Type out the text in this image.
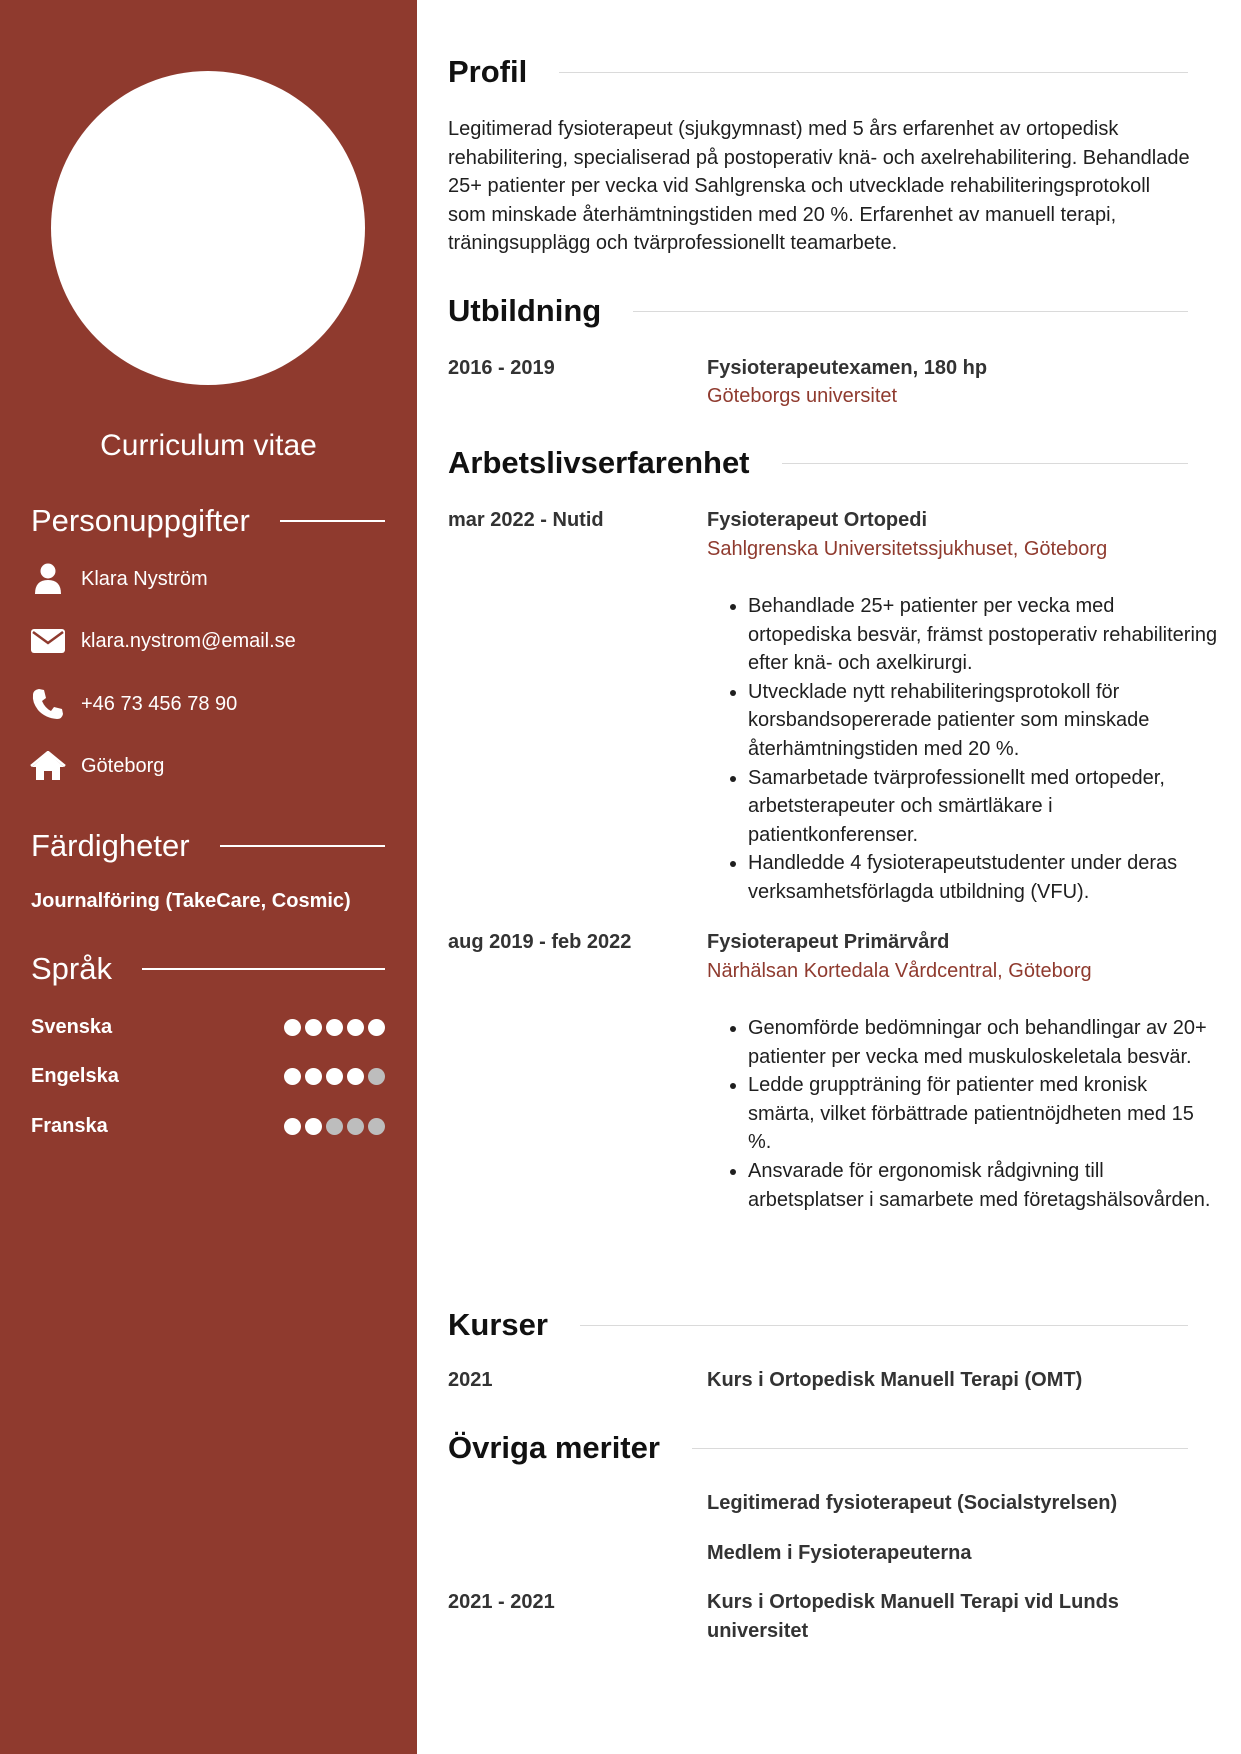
Curriculum vitae
Personuppgifter
Klara Nyström
klara.nystrom@email.se
+46 73 456 78 90
Göteborg
Färdigheter
Journalföring (TakeCare, Cosmic)
Språk
Svenska
Engelska
Franska
Profil
Legitimerad fysioterapeut (sjukgymnast) med 5 års erfarenhet av ortopedisk rehabilitering, specialiserad på postoperativ knä- och axelrehabilitering. Behandlade 25+ patienter per vecka vid Sahlgrenska och utvecklade rehabiliteringsprotokoll som minskade återhämtningstiden med 20 %. Erfarenhet av manuell terapi, träningsupplägg och tvärprofessionellt teamarbete.
Utbildning
2016 - 2019	Fysioterapeutexamen, 180 hp
Göteborgs universitet
Arbetslivserfarenhet
mar 2022 - Nutid	Fysioterapeut Ortopedi
Sahlgrenska Universitetssjukhuset, Göteborg
• Behandlade 25+ patienter per vecka med ortopediska besvär, främst postoperativ rehabilitering efter knä- och axelkirurgi.
• Utvecklade nytt rehabiliteringsprotokoll för korsbandsopererade patienter som minskade återhämtningstiden med 20 %.
• Samarbetade tvärprofessionellt med ortopeder, arbetsterapeuter och smärtläkare i patientkonferenser.
• Handledde 4 fysioterapeutstudenter under deras verksamhetsförlagda utbildning (VFU).
aug 2019 - feb 2022	Fysioterapeut Primärvård
Närhälsan Kortedala Vårdcentral, Göteborg
• Genomförde bedömningar och behandlingar av 20+ patienter per vecka med muskuloskeletala besvär.
• Ledde gruppträning för patienter med kronisk smärta, vilket förbättrade patientnöjdheten med 15 %.
• Ansvarade för ergonomisk rådgivning till arbetsplatser i samarbete med företagshälsovården.
Kurser
2021	Kurs i Ortopedisk Manuell Terapi (OMT)
Övriga meriter
Legitimerad fysioterapeut (Socialstyrelsen)
Medlem i Fysioterapeuterna
2021 - 2021	Kurs i Ortopedisk Manuell Terapi vid Lunds universitet
